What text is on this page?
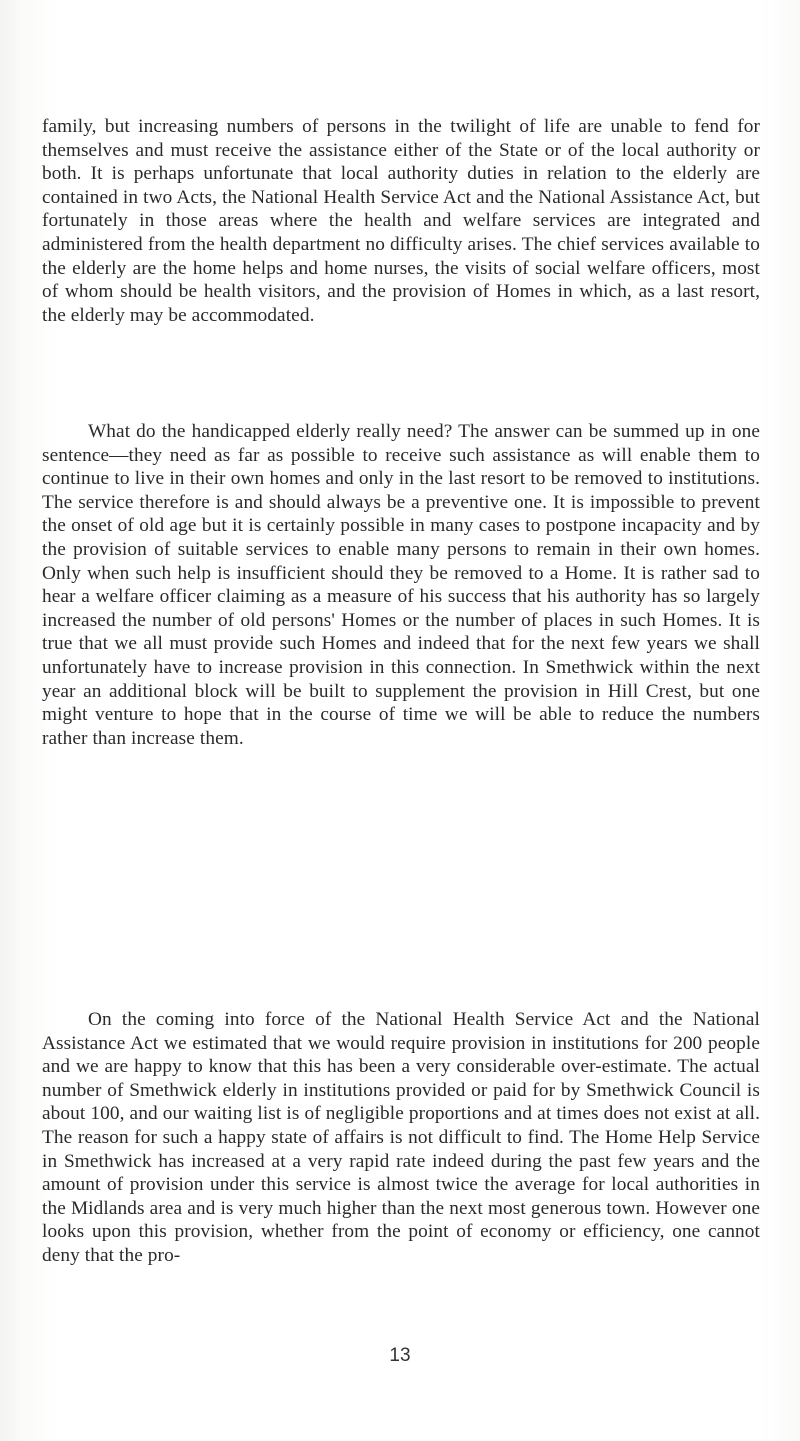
family, but increasing numbers of persons in the twilight of life are unable to fend for themselves and must receive the assistance either of the State or of the local authority or both. It is perhaps unfortunate that local authority duties in relation to the elderly are contained in two Acts, the National Health Service Act and the National Assistance Act, but fortunately in those areas where the health and welfare services are integrated and administered from the health department no difficulty arises. The chief services available to the elderly are the home helps and home nurses, the visits of social welfare officers, most of whom should be health visitors, and the provision of Homes in which, as a last resort, the elderly may be accommodated.

What do the handicapped elderly really need? The answer can be summed up in one sentence—they need as far as possible to receive such assistance as will enable them to continue to live in their own homes and only in the last resort to be removed to institutions. The service therefore is and should always be a preventive one. It is impossible to prevent the onset of old age but it is certainly possible in many cases to postpone incapacity and by the provision of suitable services to enable many persons to remain in their own homes. Only when such help is insufficient should they be removed to a Home. It is rather sad to hear a welfare officer claiming as a measure of his success that his authority has so largely increased the number of old persons' Homes or the number of places in such Homes. It is true that we all must provide such Homes and indeed that for the next few years we shall unfortunately have to increase provision in this connection. In Smethwick within the next year an additional block will be built to supplement the provision in Hill Crest, but one might venture to hope that in the course of time we will be able to reduce the numbers rather than increase them.

On the coming into force of the National Health Service Act and the National Assistance Act we estimated that we would require provision in institutions for 200 people and we are happy to know that this has been a very considerable over-estimate. The actual number of Smethwick elderly in institutions provided or paid for by Smethwick Council is about 100, and our waiting list is of negligible proportions and at times does not exist at all. The reason for such a happy state of affairs is not difficult to find. The Home Help Service in Smethwick has increased at a very rapid rate indeed during the past few years and the amount of provision under this service is almost twice the average for local authorities in the Midlands area and is very much higher than the next most generous town. However one looks upon this provision, whether from the point of economy or efficiency, one cannot deny that the pro-

13
